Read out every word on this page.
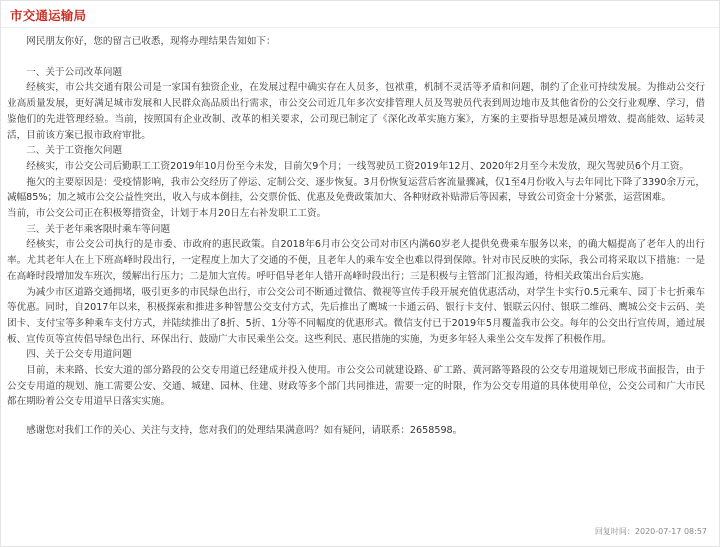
市交通运输局

网民朋友你好，您的留言已收悉，现将办理结果告知如下：

一、关于公司改革问题

经核实，市公共交通有限公司是一家国有独资企业，在发展过程中确实存在人员多，包袱重，机制不灵活等矛盾和问题，制约了企业可持续发展。为推动公交行业高质量发展，更好满足城市发展和人民群众高品质出行需求，市公交公司近几年多次安排管理人员及驾驶员代表到周边地市及其他省份的公交行业观摩、学习，借鉴他们的先进管理经验。当前，按照国有企业改制、改革的相关要求，公司现已制定了《深化改革实施方案》，方案的主要指导思想是减员增效、提高能效、运转灵活，目前该方案已报市政府审批。

二、关于工资拖欠问题

经核实，市公交公司后勤职工工资2019年10月份至今未发，目前欠9个月；一线驾驶员工资2019年12月、2020年2月至今未发放，现欠驾驶员6个月工资。

拖欠的主要原因是：受疫情影响，我市公交经历了停运、定制公交、逐步恢复。3月份恢复运营后客流量骤减，仅1至4月份收入与去年同比下降了3390余万元，减幅85%；加之城市公交公益性突出，收入与成本倒挂，公交票价低、优惠及免费政策加大、各种财政补贴滞后等因素，导致公司资金十分紧张，运营困难。

当前，市公交公司正在积极筹措资金，计划于本月20日左右补发职工工资。

三、关于老年乘客限时乘车等问题

经核实，市公交公司执行的是市委、市政府的惠民政策。自2018年6月市公交公司对市区内满60岁老人提供免费乘车服务以来，的确大幅提高了老年人的出行率。尤其老年人在上下班高峰时段出行，一定程度上加大了交通的不便，且老年人的乘车安全也难以得到保障。针对市民反映的实际，我公司将采取以下措施：一是在高峰时段增加发车班次，缓解出行压力；二是加大宣传。呼吁倡导老年人错开高峰时段出行；三是积极与主管部门汇报沟通，待相关政策出台后实施。

为减少市区道路交通拥堵，吸引更多的市民绿色出行，市公交公司不断通过微信、微视等宣传手段开展充值优惠活动，对学生卡实行0.5元乘车、园丁卡七折乘车等优惠。同时，自2017年以来，积极探索和推进多种智慧公交支付方式，先后推出了鹰城一卡通云码、银行卡支付、银联云闪付、银联二维码、鹰城公交卡云码、美团卡、支付宝等多种乘车支付方式，并陆续推出了8折、5折、1分等不同幅度的优惠形式。微信支付已于2019年5月覆盖我市公交。每年的公交出行宣传周，通过展板、宣传页等宣传倡导绿色出行、环保出行、鼓励广大市民乘坐公交。这些利民、惠民措施的实施，为更多年轻人乘坐公交车发挥了积极作用。

四、关于公交专用道问题

目前，未来路、长安大道的部分路段的公交专用道已经建成并投入使用。市公交公司就建设路、矿工路、黄河路等路段的公交专用道规划已形成书面报告，由于公交专用道的规划、施工需要公安、交通、城建、园林、住建、财政等多个部门共同推进，需要一定的时限，作为公交专用道的具体使用单位，公交公司和广大市民都在期盼着公交专用道早日落实实施。

感谢您对我们工作的关心、关注与支持，您对我们的处理结果满意吗？如有疑问，请联系：2658598。

回复时间：2020-07-17 08:57
